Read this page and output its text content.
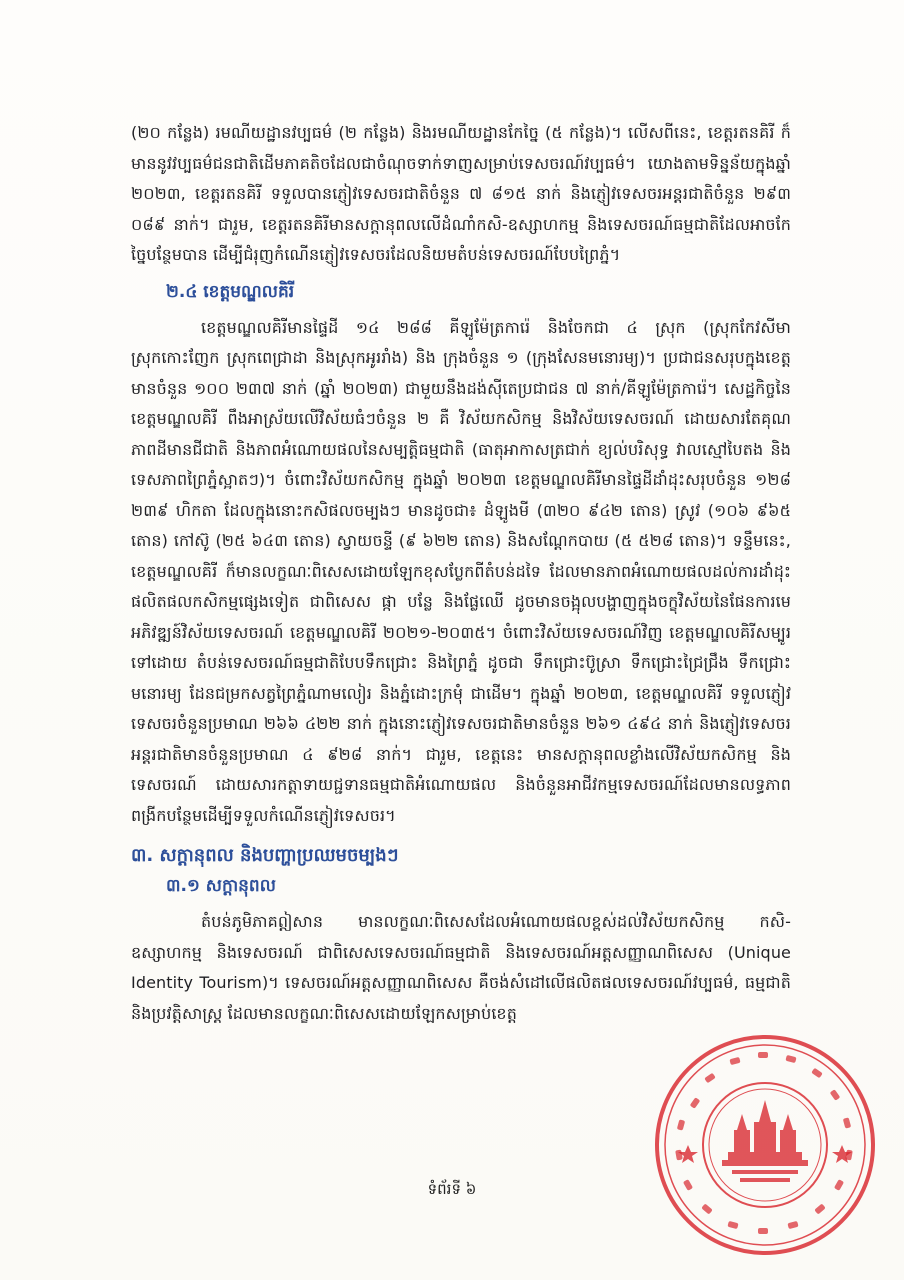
(២០ កន្លែង) រមណីយដ្ឋានវប្បធម៌ (២ កន្លែង) និងរមណីយដ្ឋានកែច្នៃ (៥ កន្លែង)។ លើសពីនេះ, ខេត្តរតនគិរី ក៏មាននូវវប្បធម៌ជនជាតិដើមភាគតិចដែលជាចំណុចទាក់ទាញសម្រាប់ទេសចរណ៍វប្បធម៌។ យោងតាមទិន្នន័យក្នុងឆ្នាំ ២០២៣, ខេត្តរតនគិរី ទទួលបានភ្ញៀវទេសចរជាតិចំនួន ៧ ៨១៥ នាក់ និងភ្ញៀវទេសចរអន្តរជាតិចំនួន ២៩៣ ០៨៩ នាក់។ ជារួម, ខេត្តរតនគិរីមានសក្តានុពលលើដំណាំកសិ-ឧស្សាហកម្ម និងទេសចរណ៍ធម្មជាតិដែលអាចកែច្នៃបន្ថែមបាន ដើម្បីជំរុញកំណើនភ្ញៀវទេសចរដែលនិយមតំបន់ទេសចរណ៍បែបព្រៃភ្នំ។

២.៤ ខេត្តមណ្ឌលគិរី

ខេត្តមណ្ឌលគិរីមានផ្ទៃដី ១៤ ២៨៨ គីឡូម៉ែត្រការ៉េ និងចែកជា ៤ ស្រុក (ស្រុកកែវសីមា ស្រុកកោះញែក ស្រុកពេជ្រាដា និងស្រុកអូររាំង) និង ក្រុងចំនួន ១ (ក្រុងសែនមនោរម្យ)។ ប្រជាជនសរុបក្នុងខេត្តមានចំនួន ១០០ ២៣៧ នាក់ (ឆ្នាំ ២០២៣) ជាមួយនឹងដង់ស៊ីតេប្រជាជន ៧ នាក់/គីឡូម៉ែត្រការ៉េ។ សេដ្ឋកិច្ចនៃខេត្តមណ្ឌលគិរី ពឹងអាស្រ័យលើវិស័យធំៗចំនួន ២ គឺ វិស័យកសិកម្ម និងវិស័យទេសចរណ៍ ដោយសារតែគុណភាពដីមានជីជាតិ និងភាពអំណោយផលនៃសម្បត្តិធម្មជាតិ (ធាតុអាកាសត្រជាក់ ខ្យល់បរិសុទ្ធ វាលស្មៅបៃតង និងទេសភាពព្រៃភ្នំស្អាតៗ)។ ចំពោះវិស័យកសិកម្ម ក្នុងឆ្នាំ ២០២៣ ខេត្តមណ្ឌលគិរីមានផ្ទៃដីដាំដុះសរុបចំនួន ១២៨ ២៣៩ ហិកតា ដែលក្នុងនោះកសិផលចម្បងៗ មានដូចជា៖ ដំឡូងមី (៣២០ ៩៤២ តោន) ស្រូវ (១០៦ ៩៦៥ តោន) កៅស៊ូ (២៥ ៦៤៣ តោន) ស្វាយចន្ទី (៩ ៦២២ តោន) និងសណ្តែកបាយ (៥ ៥២៨ តោន)។ ទន្ទឹមនេះ, ខេត្តមណ្ឌលគិរី ក៏មានលក្ខណៈពិសេសដោយឡែកខុសប្លែកពីតំបន់ដទៃ ដែលមានភាពអំណោយផលដល់ការដាំដុះផលិតផលកសិកម្មផ្សេងទៀត ជាពិសេស ផ្កា បន្លែ និងផ្លែឈើ ដូចមានចង្អុលបង្ហាញក្នុងចក្ខុវិស័យនៃផែនការមេអភិវឌ្ឍន៍វិស័យទេសចរណ៍ ខេត្តមណ្ឌលគិរី ២០២១-២០៣៥។ ចំពោះវិស័យទេសចរណ៍វិញ ខេត្តមណ្ឌលគិរីសម្បូរទៅដោយ តំបន់ទេសចរណ៍ធម្មជាតិបែបទឹកជ្រោះ និងព្រៃភ្នំ ដូចជា ទឹកជ្រោះប៊ូស្រា ទឹកជ្រោះជ្រៃជ្រឹង ទឹកជ្រោះមនោរម្យ ដែនជម្រកសត្វព្រៃភ្នំណាមលៀរ និងភ្នំដោះក្រមុំ ជាដើម។ ក្នុងឆ្នាំ ២០២៣, ខេត្តមណ្ឌលគិរី ទទួលភ្ញៀវទេសចរចំនួនប្រមាណ ២៦៦ ៤២២ នាក់ ក្នុងនោះភ្ញៀវទេសចរជាតិមានចំនួន ២៦១ ៤៩៤ នាក់ និងភ្ញៀវទេសចរអន្តរជាតិមានចំនួនប្រមាណ ៤ ៩២៨ នាក់។ ជារួម, ខេត្តនេះ មានសក្តានុពលខ្លាំងលើវិស័យកសិកម្ម និងទេសចរណ៍ ដោយសារកត្តាទាយជ្ជទានធម្មជាតិអំណោយផល និងចំនួនអាជីវកម្មទេសចរណ៍ដែលមានលទ្ធភាពពង្រីកបន្ថែមដើម្បីទទួលកំណើនភ្ញៀវទេសចរ។

៣. សក្តានុពល និងបញ្ហាប្រឈមចម្បងៗ
៣.១ សក្តានុពល

តំបន់ភូមិភាគឦសាន មានលក្ខណៈពិសេសដែលអំណោយផលខ្ពស់ដល់វិស័យកសិកម្ម កសិ-ឧស្សាហកម្ម និងទេសចរណ៍ ជាពិសេសទេសចរណ៍ធម្មជាតិ និងទេសចរណ៍អត្តសញ្ញាណពិសេស (Unique Identity Tourism)។ ទេសចរណ៍អត្តសញ្ញាណពិសេស គឺចង់សំដៅលើផលិតផលទេសចរណ៍វប្បធម៌, ធម្មជាតិ និងប្រវត្តិសាស្ត្រ ដែលមានលក្ខណៈពិសេសដោយឡែកសម្រាប់ខេត្ត

ទំព័រទី ៦
